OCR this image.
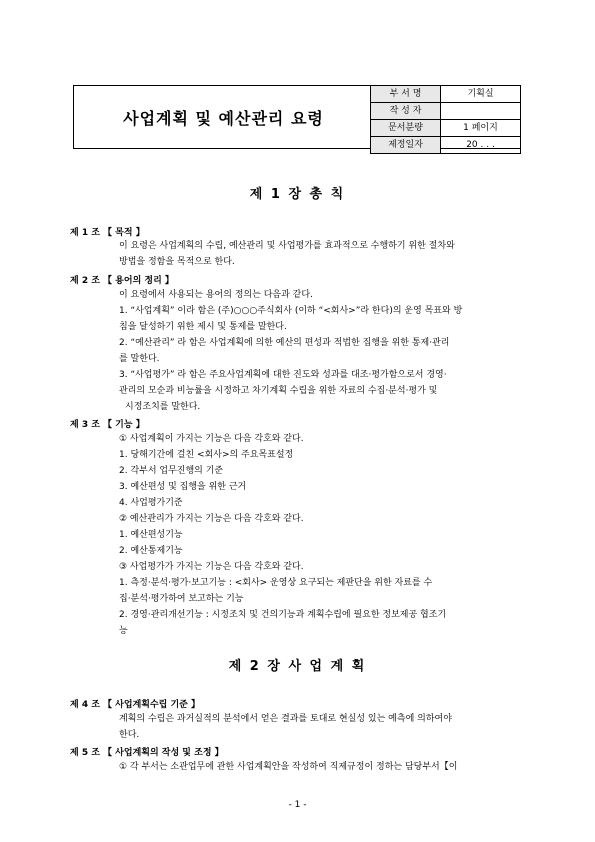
사업계획 및 예산관리 요령
부 서 명	기획실
작 성 자	
문서분량	1 페이지
제정일자	20 . . .
제 1 장 총 칙
제 1 조 【 목적 】
이 요령은 사업계획의 수립, 예산관리 및 사업평가를 효과적으로 수행하기 위한 절차와
방법을 정함을 목적으로 한다.
제 2 조 【 용어의 정리 】
이 요령에서 사용되는 용어의 정의는 다음과 같다.
1. “사업계획” 이라 함은 (주)○○○주식회사 (이하 “<회사>”라 한다)의 운영 목표와 방
침을 달성하기 위한 제시 및 통제를 말한다.
2. “예산관리” 라 함은 사업계획에 의한 예산의 편성과 적법한 집행을 위한 통제·관리
를 말한다.
3. “사업평가” 라 함은 주요사업계획에 대한 진도와 성과를 대조·평가함으로서 경영·
관리의 모순과 비능률을 시정하고 차기계획 수립을 위한 자료의 수집·분석·평가 및
시정조치를 말한다.
제 3 조 【 기능 】
① 사업계획이 가지는 기능은 다음 각호와 같다.
1. 당해기간에 걸친 <회사>의 주요목표설정
2. 각부서 업무진행의 기준
3. 예산편성 및 집행을 위한 근거
4. 사업평가기준
② 예산관리가 가지는 기능은 다음 각호와 같다.
1. 예산편성기능
2. 예산통제기능
③ 사업평가가 가지는 기능은 다음 각호와 같다.
1. 측정·분석·평가·보고기능 : <회사> 운영상 요구되는 제판단을 위한 자료를 수
집·분석·평가하여 보고하는 기능
2. 경영·관리개선기능 : 시정조치 및 건의기능과 계획수립에 필요한 정보제공 협조기
능
제 2 장 사 업 계 획
제 4 조 【 사업계획수립 기준 】
계획의 수립은 과거실적의 분석에서 얻은 결과를 토대로 현실성 있는 예측에 의하여야
한다.
제 5 조 【 사업계획의 작성 및 조정 】
① 각 부서는 소관업무에 관한 사업계획안을 작성하여 직제규정이 정하는 담당부서【이
- 1 -
